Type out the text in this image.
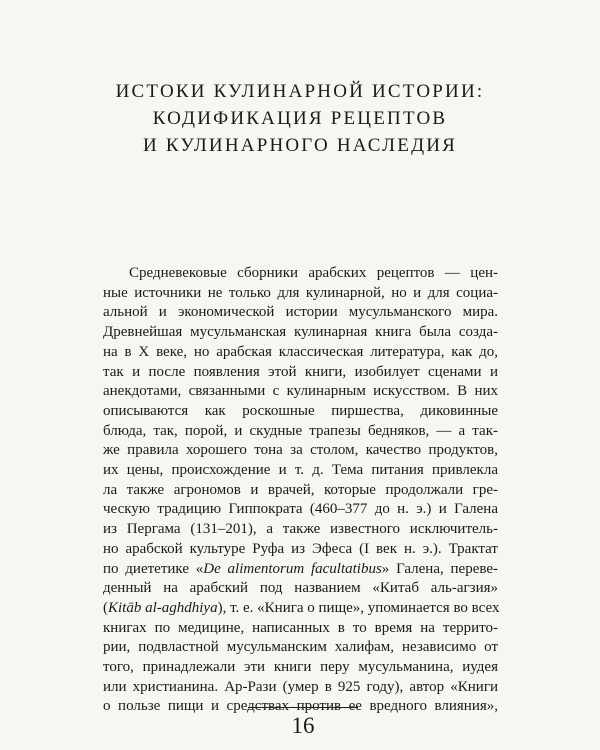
ИСТОКИ КУЛИНАРНОЙ ИСТОРИИ:
КОДИФИКАЦИЯ РЕЦЕПТОВ
И КУЛИНАРНОГО НАСЛЕДИЯ
Средневековые сборники арабских рецептов — цен-
ные источники не только для кулинарной, но и для социа-
альной и экономической истории мусульманского мира.
Древнейшая мусульманская кулинарная книга была созда-
на в X веке, но арабская классическая литература, как до,
так и после появления этой книги, изобилует сценами и
анекдотами, связанными с кулинарным искусством. В них
описываются как роскошные пиршества, диковинные
блюда, так, порой, и скудные трапезы бедняков, — а так-
же правила хорошего тона за столом, качество продуктов,
их цены, происхождение и т. д. Тема питания привлекла
ла также агрономов и врачей, которые продолжали гре-
ческую традицию Гиппократа (460–377 до н. э.) и Галена
из Пергама (131–201), а также известного исключитель-
но арабской культуре Руфа из Эфеса (I век н. э.). Трактат
по диететике «De alimentorum facultatibus» Галена, переве-
денный на арабский под названием «Китаб аль-агзия»
(Kitāb al-aghdhiya), т. е. «Книга о пище», упоминается во всех
книгах по медицине, написанных в то время на террито-
рии, подвластной мусульманским халифам, независимо от
того, принадлежали эти книги перу мусульманина, иудея
или христианина. Ар-Рази (умер в 925 году), автор «Книги
о пользе пищи и средствах против ее вредного влияния»,
16
